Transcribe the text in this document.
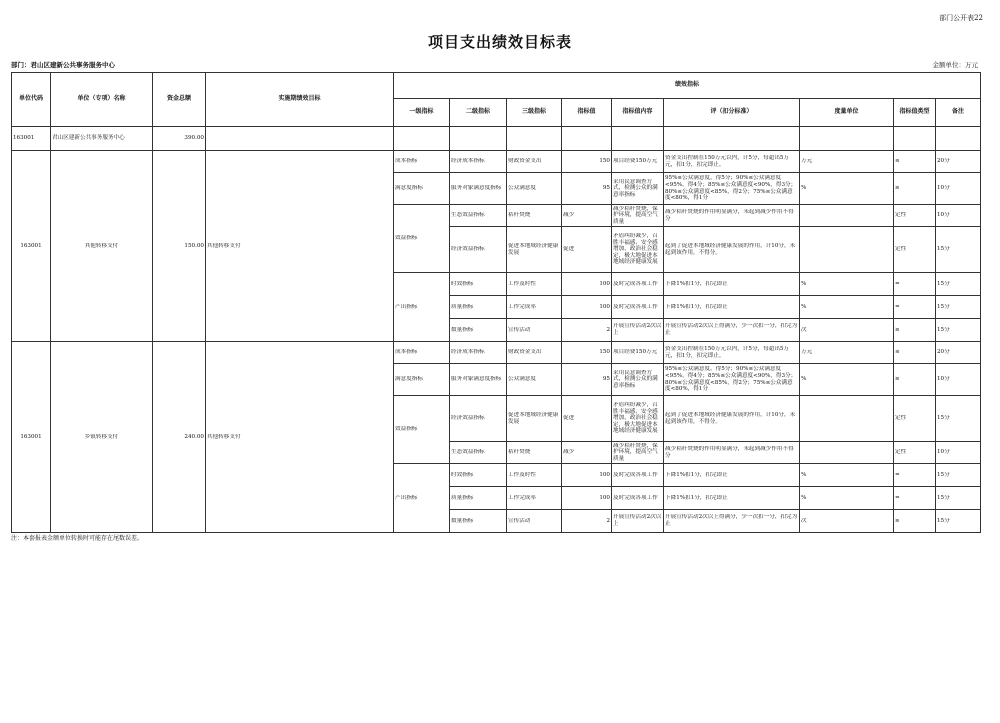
部门公开表22
项目支出绩效目标表
部门：君山区建新公共事务服务中心	金额单位：万元
单位代码	单位（专项）名称	资金总额	实施期绩效目标	绩效指标								
				一级指标	二级指标	三级指标	指标值	指标值内容	评（扣分标准）	度量单位	指标值类型	备注
163001	君山区建新公共事务服务中心	390.00										

163001	其他转移支付	150.00	其他转移支付	成本指标	经济成本指标	财政资金支出	150	项目经费150万元	资金支出控制在150万元以内，计5分，每超出5万元，扣1分，扣完即止。	万元	≤	20分

				满意度指标	服务对象满意度指标	公众满意度	95	采用民意调查方式，检测公众的满意率指标	95%≤公众满意度，得5分；90%≤公众满意度<95%，得4分；85%≤公众满意度<90%，得3分；80%≤公众满意度<85%，得2分；75%≤公众满意度<80%，得1分	%	≥	10分

				效益指标	生态效益指标	秸秆焚烧	减少	减少秸秆焚烧，保护环境，提高空气质量	减少秸秆焚烧的作用明显满分，未起到减少作用不得分		定性	10分

					经济效益指标	促进本地域经济健康发展	促进	矛盾纠纷减少，召胜丰福感、安全感增加，政治社会稳定，极大地促进本地域经济健康发展	起到了促进本地域经济健康发展的作用，计10分，未起到该作用，不得分。		定性	15分

				产出指标	时效指标	工作及时性	100	及时完成各项工作	下降1%扣1分，扣完即止	%	=	15分

					质量指标	工作完成率	100	及时完成各项工作	下降1%扣1分，扣完即止	%	=	15分

					数量指标	宣传活动	2	开展宣传活动2次以上	开展宣传活动2次以上得满分，少一次扣一分，扣完为止	次	≥	15分

163001	乡镇转移支付	240.00	其他转移支付	成本指标	经济成本指标	财政资金支出	150	项目经费150万元	资金支出控制在150万元以内，计5分，每超出5万元，扣1分，扣完即止。	万元	≤	20分

				满意度指标	服务对象满意度指标	公众满意度	95	采用民意调查方式，检测公众的满意率指标	95%≤公众满意度，得5分；90%≤公众满意度<95%，得4分；85%≤公众满意度<90%，得3分；80%≤公众满意度<85%，得2分；75%≤公众满意度<80%，得1分	%	≥	10分

				效益指标	经济效益指标	促进本地域经济健康发展	促进	矛盾纠纷减少，召胜丰福感、安全感增加，政治社会稳定，极大地促进本地域经济健康发展	起到了促进本地域经济健康发展的作用，计10分，未起到该作用，不得分。		定性	15分

					生态效益指标	秸秆焚烧	减少	减少秸秆焚烧，保护环境，提高空气质量	减少秸秆焚烧的作用明显满分，未起到减少作用不得分		定性	10分

				产出指标	时效指标	工作及时性	100	及时完成各项工作	下降1%扣1分，扣完即止	%	=	15分

					质量指标	工作完成率	100	及时完成各项工作	下降1%扣1分，扣完即止	%	=	15分

					数量指标	宣传活动	2	开展宣传活动2次以上	开展宣传活动2次以上得满分，少一次扣一分，扣完为止	次	≥	15分
注：本套报表金额单位转换时可能存在尾数误差。
